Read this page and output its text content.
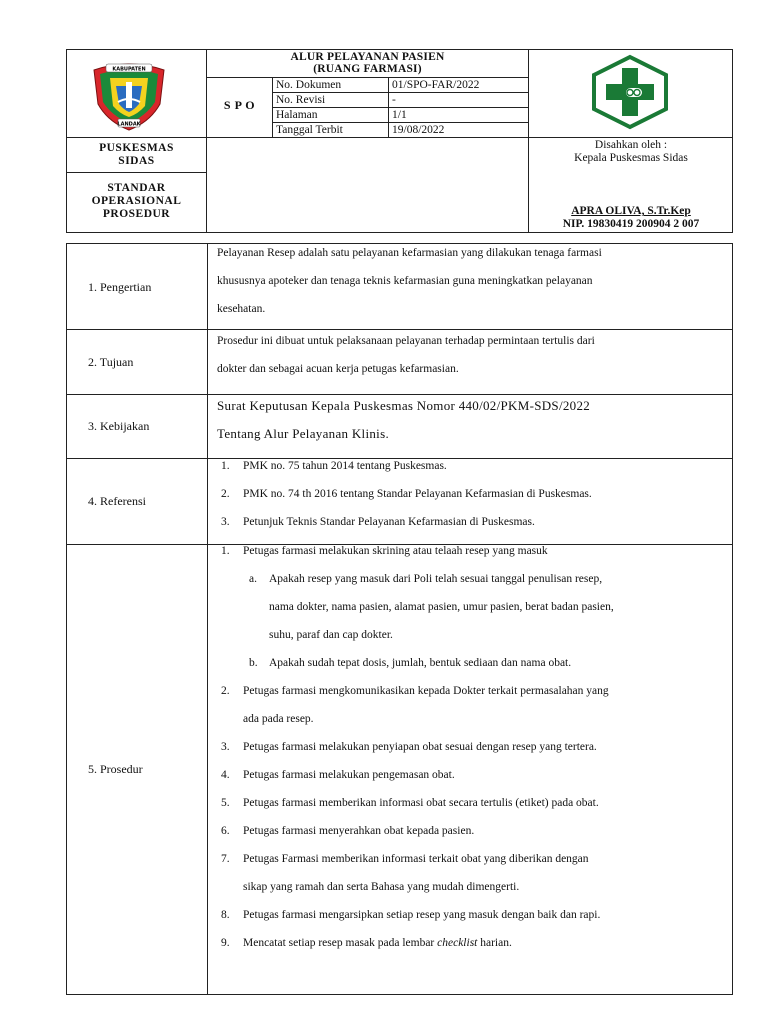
KABUPATEN
LANDAK
ALUR PELAYANAN PASIEN
(RUANG FARMASI)
S P O
No. Dokumen	01/SPO-FAR/2022
No. Revisi	-
Halaman	1/1
Tanggal Terbit	19/08/2022
PUSKESMAS
SIDAS
STANDAR
OPERASIONAL
PROSEDUR
Disahkan oleh :
Kepala Puskesmas Sidas
APRA OLIVA, S.Tr.Kep
NIP. 19830419 200904 2 007
1. Pengertian
Pelayanan Resep adalah satu pelayanan kefarmasian yang dilakukan tenaga farmasi
khususnya apoteker dan tenaga teknis kefarmasian guna meningkatkan pelayanan
kesehatan.
2. Tujuan
Prosedur ini dibuat untuk pelaksanaan pelayanan terhadap permintaan tertulis dari
dokter dan sebagai acuan kerja petugas kefarmasian.
3. Kebijakan
Surat Keputusan Kepala Puskesmas Nomor 440/02/PKM-SDS/2022
Tentang Alur Pelayanan Klinis.
4. Referensi
1. PMK no. 75 tahun 2014 tentang Puskesmas.
2. PMK no. 74 th 2016 tentang Standar Pelayanan Kefarmasian di Puskesmas.
3. Petunjuk Teknis Standar Pelayanan Kefarmasian di Puskesmas.
5. Prosedur
1. Petugas farmasi melakukan skrining atau telaah resep yang masuk
a. Apakah resep yang masuk dari Poli telah sesuai tanggal penulisan resep,
nama dokter, nama pasien, alamat pasien, umur pasien, berat badan pasien,
suhu, paraf dan cap dokter.
b. Apakah sudah tepat dosis, jumlah, bentuk sediaan dan nama obat.
2. Petugas farmasi mengkomunikasikan kepada Dokter terkait permasalahan yang
ada pada resep.
3. Petugas farmasi melakukan penyiapan obat sesuai dengan resep yang tertera.
4. Petugas farmasi melakukan pengemasan obat.
5. Petugas farmasi memberikan informasi obat secara tertulis (etiket) pada obat.
6. Petugas farmasi menyerahkan obat kepada pasien.
7. Petugas Farmasi memberikan informasi terkait obat yang diberikan dengan
sikap yang ramah dan serta Bahasa yang mudah dimengerti.
8. Petugas farmasi mengarsipkan setiap resep yang masuk dengan baik dan rapi.
9. Mencatat setiap resep masak pada lembar checklist harian.
